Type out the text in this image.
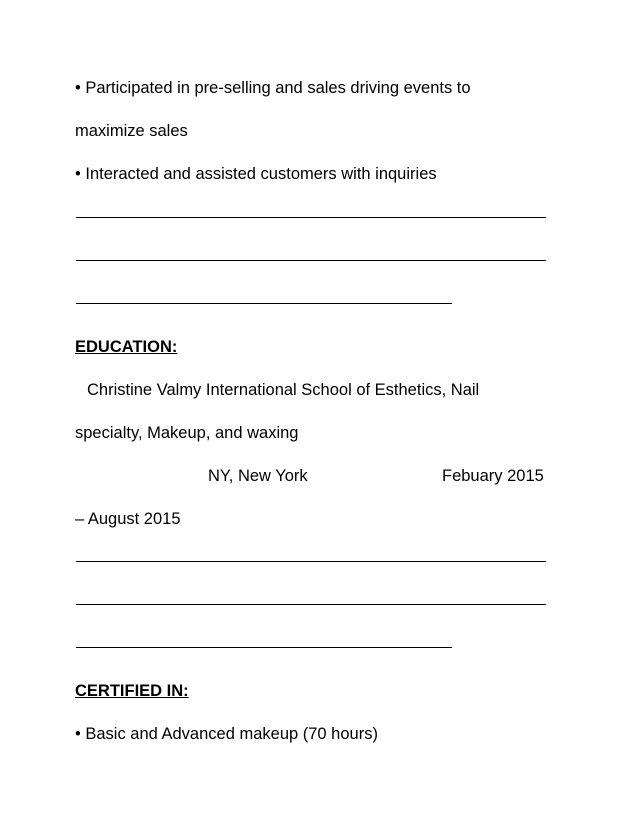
• Participated in pre-selling and sales driving events to
maximize sales
• Interacted and assisted customers with inquiries
EDUCATION:
Christine Valmy International School of Esthetics, Nail
specialty, Makeup, and waxing
NY, New York	Febuary 2015
– August 2015
CERTIFIED IN:
• Basic and Advanced makeup (70 hours)
